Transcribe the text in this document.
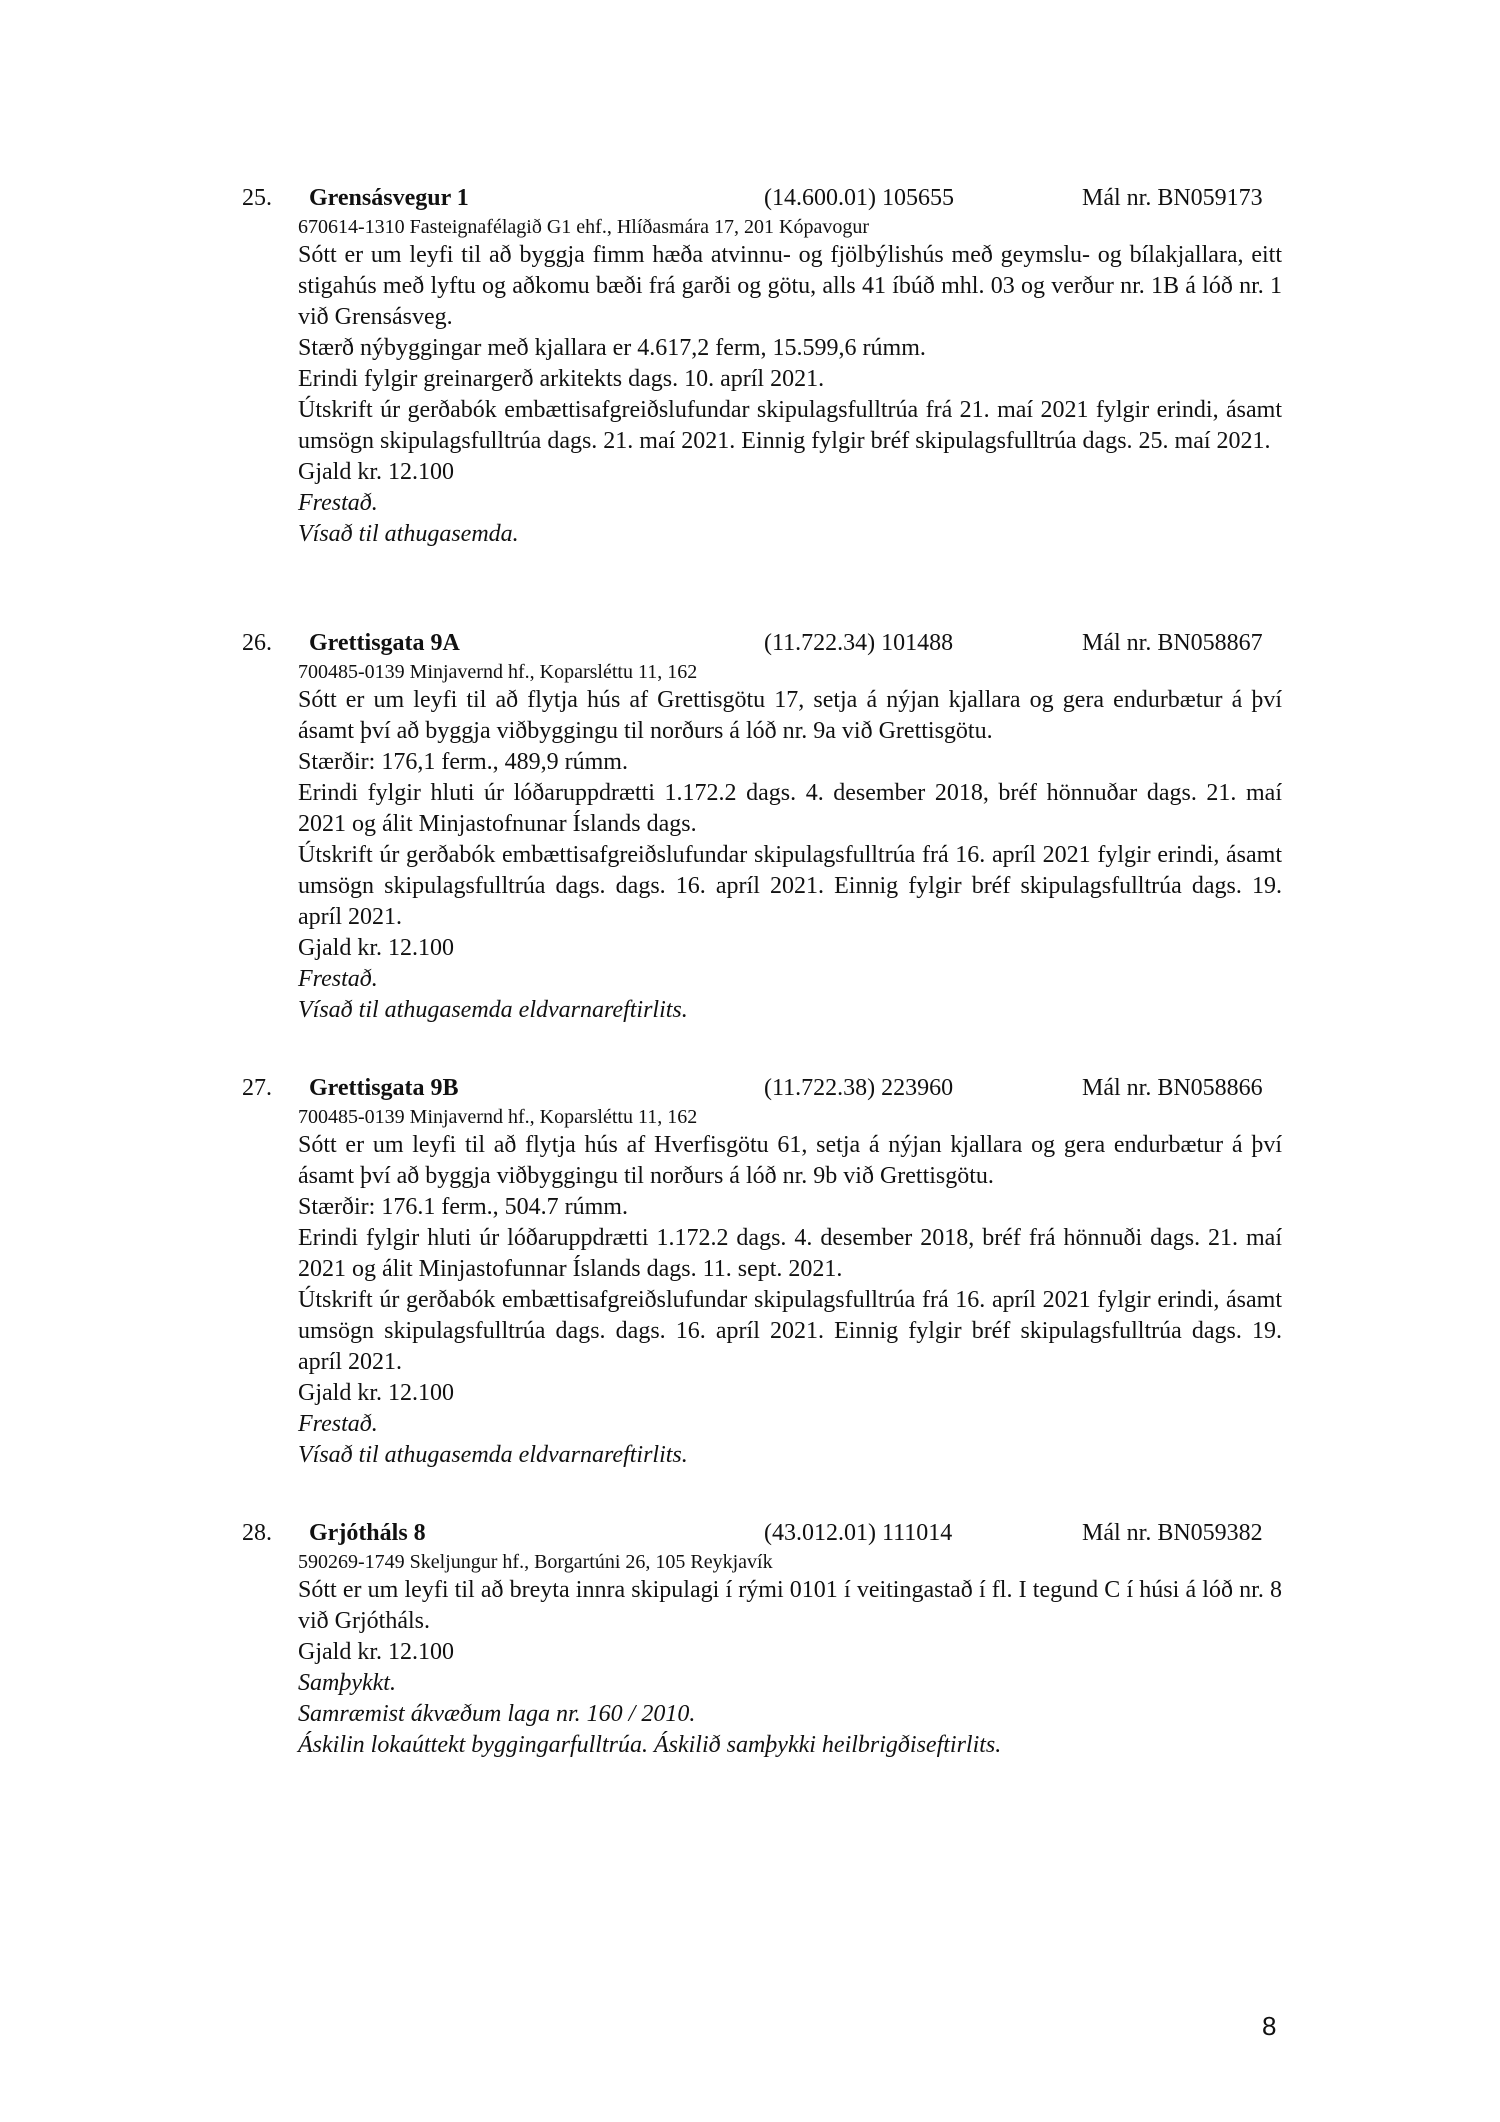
25. Grensásvegur 1	(14.600.01) 105655	Mál nr. BN059173
670614-1310 Fasteignafélagið G1 ehf., Hlíðasmára 17, 201 Kópavogur

Sótt er um leyfi til að byggja fimm hæða atvinnu- og fjölbýlishús með geymslu- og bílakjallara, eitt stigahús með lyftu og aðkomu bæði frá garði og götu, alls 41 íbúð mhl. 03 og verður nr. 1B á lóð nr. 1 við Grensásveg.

Stærð nýbyggingar með kjallara er 4.617,2 ferm, 15.599,6 rúmm.

Erindi fylgir greinargerð arkitekts dags. 10. apríl 2021.

Útskrift úr gerðabók embættisafgreiðslufundar skipulagsfulltrúa frá 21. maí 2021 fylgir erindi, ásamt umsögn skipulagsfulltrúa dags. 21. maí 2021. Einnig fylgir bréf skipulagsfulltrúa dags. 25. maí 2021.

Gjald kr. 12.100

Frestað.

Vísað til athugasemda.

26. Grettisgata 9A	(11.722.34) 101488	Mál nr. BN058867
700485-0139 Minjavernd hf., Koparsléttu 11, 162

Sótt er um leyfi til að flytja hús af Grettisgötu 17, setja á nýjan kjallara og gera endurbætur á því ásamt því að byggja viðbyggingu til norðurs á lóð nr. 9a við Grettisgötu.

Stærðir: 176,1 ferm., 489,9 rúmm.

Erindi fylgir hluti úr lóðaruppdrætti 1.172.2 dags. 4. desember 2018, bréf hönnuðar dags. 21. maí 2021 og álit Minjastofnunar Íslands dags.

Útskrift úr gerðabók embættisafgreiðslufundar skipulagsfulltrúa frá 16. apríl 2021 fylgir erindi, ásamt umsögn skipulagsfulltrúa dags. dags. 16. apríl 2021. Einnig fylgir bréf skipulagsfulltrúa dags. 19. apríl 2021.

Gjald kr. 12.100

Frestað.

Vísað til athugasemda eldvarnareftirlits.

27. Grettisgata 9B	(11.722.38) 223960	Mál nr. BN058866
700485-0139 Minjavernd hf., Koparsléttu 11, 162

Sótt er um leyfi til að flytja hús af Hverfisgötu 61, setja á nýjan kjallara og gera endurbætur á því ásamt því að byggja viðbyggingu til norðurs á lóð nr. 9b við Grettisgötu.

Stærðir: 176.1 ferm., 504.7 rúmm.

Erindi fylgir hluti úr lóðaruppdrætti 1.172.2 dags. 4. desember 2018, bréf frá hönnuði dags. 21. maí 2021 og álit Minjastofunnar Íslands dags. 11. sept. 2021.

Útskrift úr gerðabók embættisafgreiðslufundar skipulagsfulltrúa frá 16. apríl 2021 fylgir erindi, ásamt umsögn skipulagsfulltrúa dags. dags. 16. apríl 2021. Einnig fylgir bréf skipulagsfulltrúa dags. 19. apríl 2021.

Gjald kr. 12.100

Frestað.

Vísað til athugasemda eldvarnareftirlits.

28. Grjótháls 8	(43.012.01) 111014	Mál nr. BN059382
590269-1749 Skeljungur hf., Borgartúni 26, 105 Reykjavík

Sótt er um leyfi til að breyta innra skipulagi í rými 0101 í veitingastað í fl. I tegund C í húsi á lóð nr. 8 við Grjótháls.

Gjald kr. 12.100

Samþykkt.

Samræmist ákvæðum laga nr. 160 / 2010.

Áskilin lokaúttekt byggingarfulltrúa. Áskilið samþykki heilbrigðiseftirlits.

8
